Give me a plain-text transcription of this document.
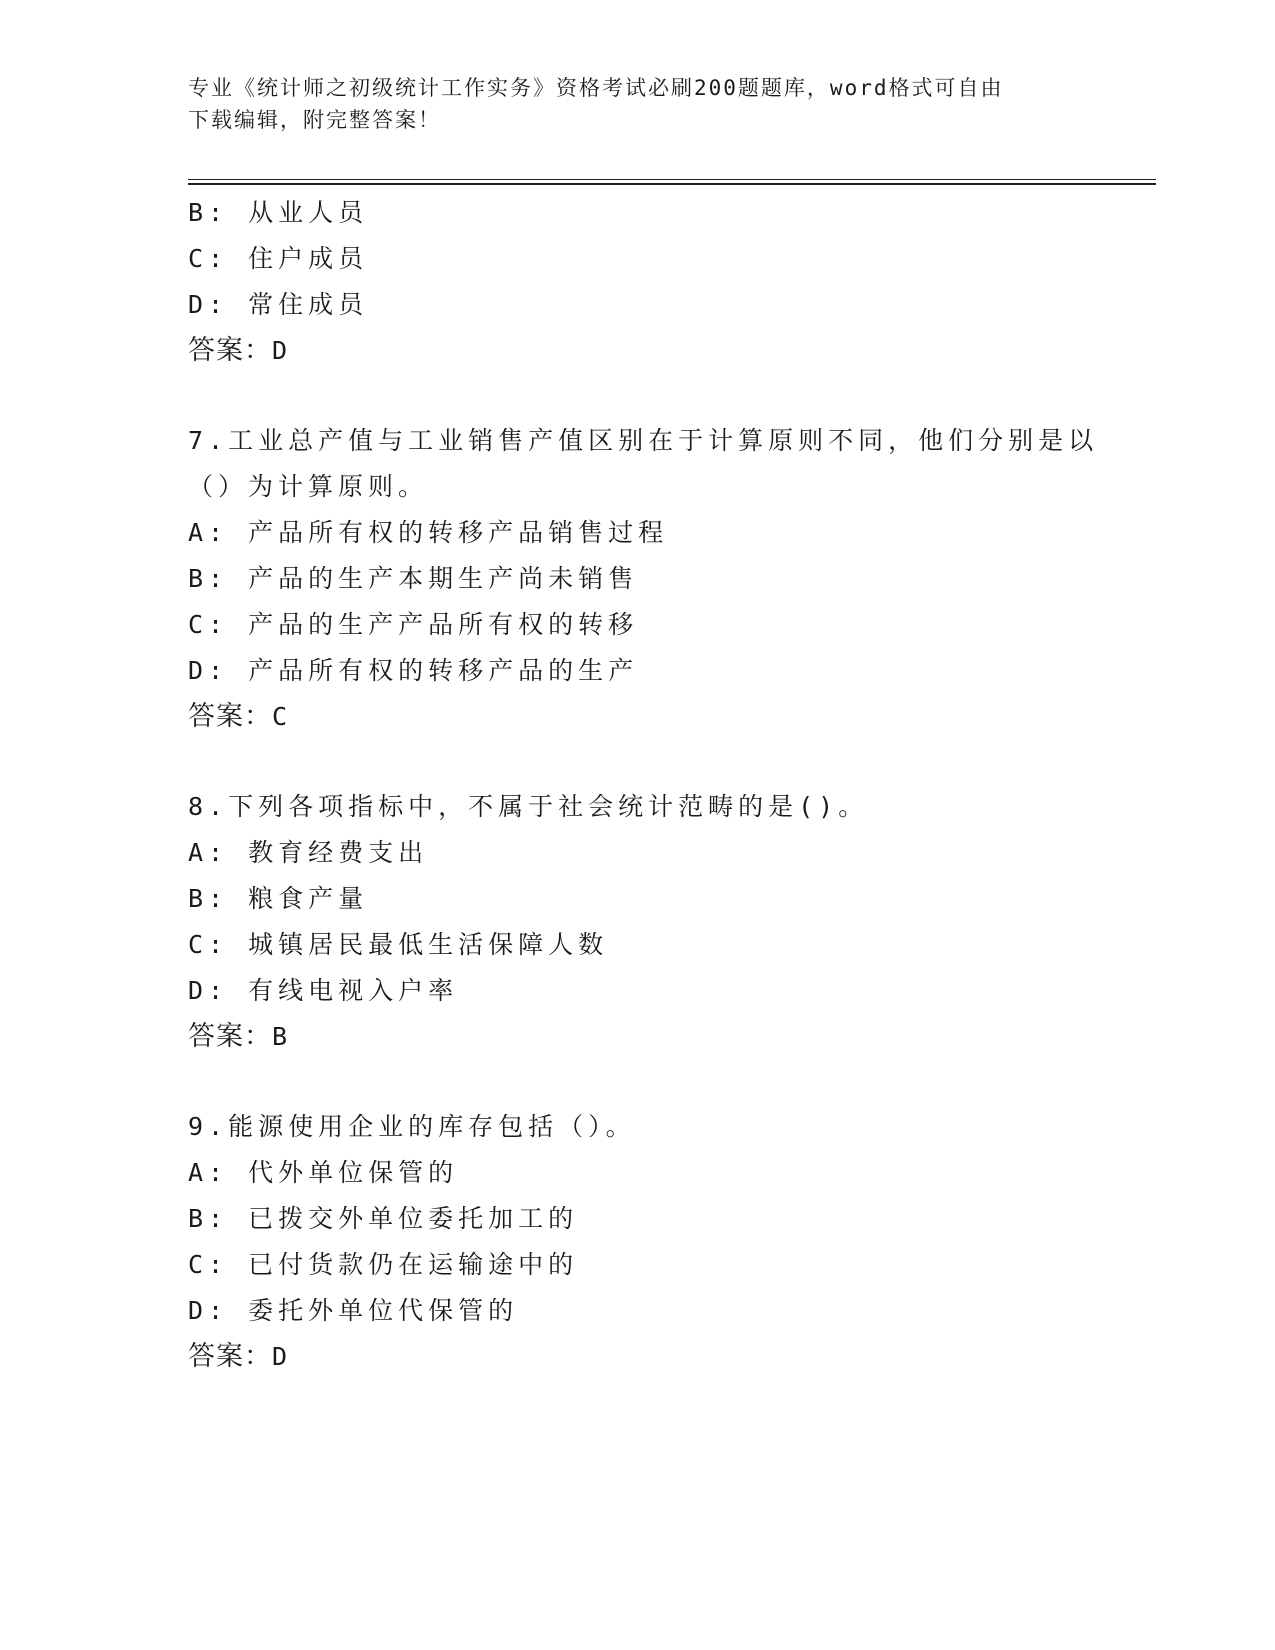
专业《统计师之初级统计工作实务》资格考试必刷200题题库，word格式可自由
下载编辑，附完整答案！
B: 从业人员
C: 住户成员
D: 常住成员
答案：D
7.工业总产值与工业销售产值区别在于计算原则不同，他们分别是以
（）为计算原则。
A: 产品所有权的转移产品销售过程
B: 产品的生产本期生产尚未销售
C: 产品的生产产品所有权的转移
D: 产品所有权的转移产品的生产
答案：C
8.下列各项指标中，不属于社会统计范畴的是()。
A: 教育经费支出
B: 粮食产量
C: 城镇居民最低生活保障人数
D: 有线电视入户率
答案：B
9.能源使用企业的库存包括（）。
A: 代外单位保管的
B: 已拨交外单位委托加工的
C: 已付货款仍在运输途中的
D: 委托外单位代保管的
答案：D
